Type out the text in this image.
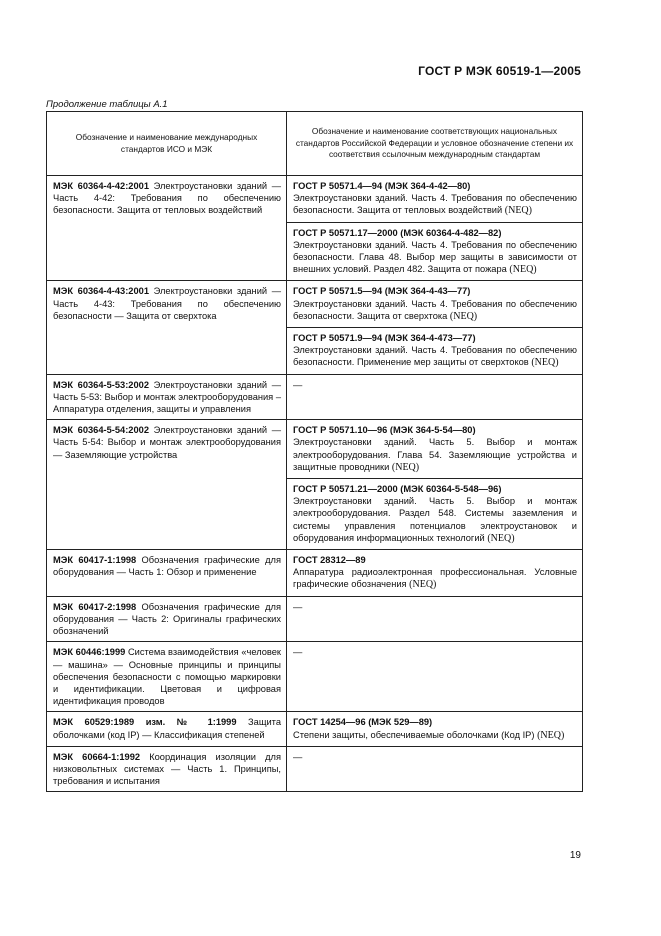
ГОСТ Р МЭК 60519-1—2005
Продолжение таблицы А.1
Обозначение и наименование международных стандартов ИСО и МЭК	Обозначение и наименование соответствующих национальных стандартов Российской Федерации и условное обозначение степени их соответствия ссылочным международным стандартам
МЭК 60364-4-42:2001 Электроустановки зданий — Часть 4-42: Требования по обеспечению безопасности. Защита от тепловых воздействий	ГОСТ Р 50571.4—94 (МЭК 364-4-42—80)
Электроустановки зданий. Часть 4. Требования по обеспечению безопасности. Защита от тепловых воздействий (NEQ)

	ГОСТ Р 50571.17—2000 (МЭК 60364-4-482—82)
Электроустановки зданий. Часть 4. Требования по обеспечению безопасности. Глава 48. Выбор мер защиты в зависимости от внешних условий. Раздел 482. Защита от пожара (NEQ)
МЭК 60364-4-43:2001 Электроустановки зданий — Часть 4-43: Требования по обеспечению безопасности — Защита от сверхтока	ГОСТ Р 50571.5—94 (МЭК 364-4-43—77)
Электроустановки зданий. Часть 4. Требования по обеспечению безопасности. Защита от сверхтока (NEQ)

	ГОСТ Р 50571.9—94 (МЭК 364-4-473—77)
Электроустановки зданий. Часть 4. Требования по обеспечению безопасности. Применение мер защиты от сверхтоков (NEQ)
МЭК 60364-5-53:2002 Электроустановки зданий — Часть 5-53: Выбор и монтаж электрооборудования – Аппаратура отделения, защиты и управления	—
МЭК 60364-5-54:2002 Электроустановки зданий — Часть 5-54: Выбор и монтаж электрооборудования — Заземляющие устройства	ГОСТ Р 50571.10—96 (МЭК 364-5-54—80)
Электроустановки зданий. Часть 5. Выбор и монтаж электрооборудования. Глава 54. Заземляющие устройства и защитные проводники (NEQ)

	ГОСТ Р 50571.21—2000 (МЭК 60364-5-548—96)
Электроустановки зданий. Часть 5. Выбор и монтаж электрооборудования. Раздел 548. Системы заземления и системы управления потенциалов электроустановок и оборудования информационных технологий (NEQ)
МЭК 60417-1:1998 Обозначения графические для оборудования — Часть 1: Обзор и применение	ГОСТ 28312—89
Аппаратура радиоэлектронная профессиональная. Условные графические обозначения (NEQ)
МЭК 60417-2:1998 Обозначения графические для оборудования — Часть 2: Оригиналы графических обозначений	—
МЭК 60446:1999 Система взаимодействия «человек — машина» — Основные принципы и принципы обеспечения безопасности с помощью маркировки и идентификации. Цветовая и цифровая идентификация проводов	—
МЭК 60529:1989 изм. № 1:1999 Защита оболочками (код IP) — Классификация степеней	ГОСТ 14254—96 (МЭК 529—89)
Степени защиты, обеспечиваемые оболочками (Код IP) (NEQ)
МЭК 60664-1:1992 Координация изоляции для низковольтных системах — Часть 1. Принципы, требования и испытания	—
19
